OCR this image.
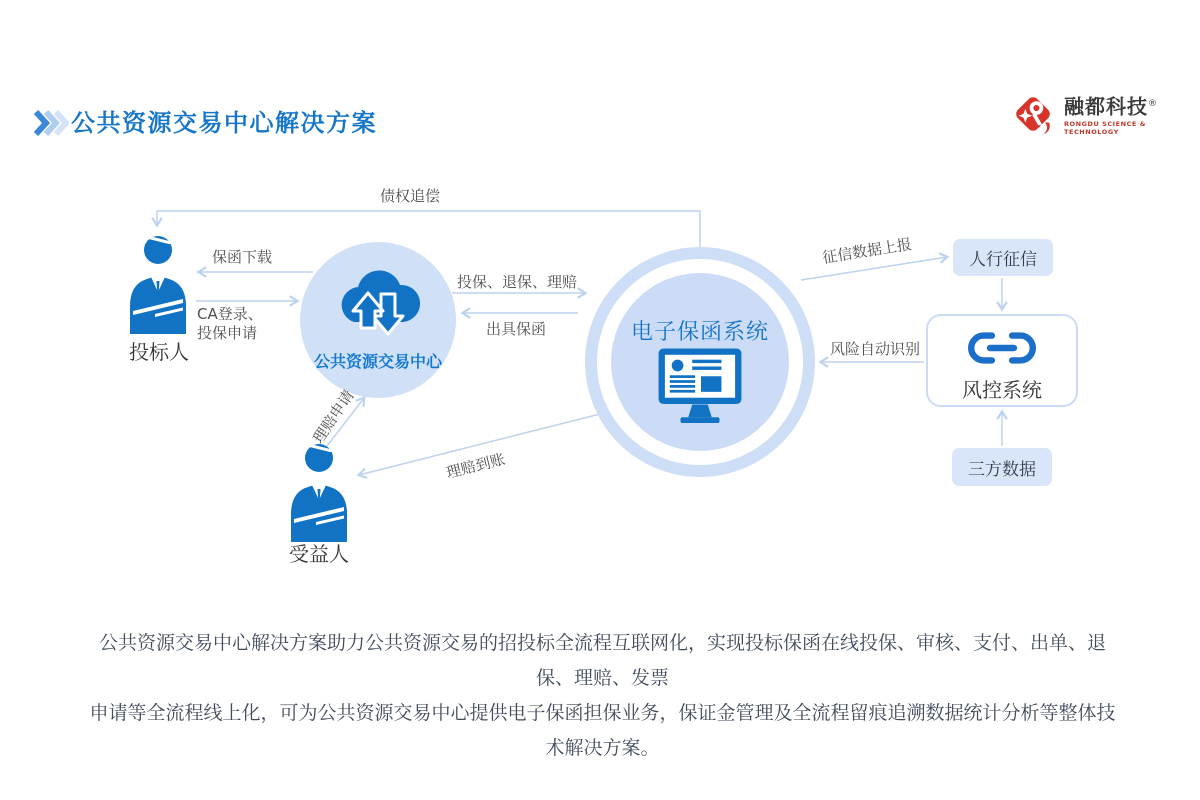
公共资源交易中心解决方案
融都科技®
RONGDU SCIENCE & TECHNOLOGY
投标人
受益人
公共资源交易中心
电子保函系统
人行征信
风控系统
三方数据
债权追偿
保函下载
CA登录、
投保申请
投保、退保、理赔
出具保函
征信数据上报
风险自动识别
理赔申请
理赔到账
公共资源交易中心解决方案助力公共资源交易的招投标全流程互联网化，实现投标保函在线投保、审核、支付、出单、退保、理赔、发票
申请等全流程线上化，可为公共资源交易中心提供电子保函担保业务，保证金管理及全流程留痕追溯数据统计分析等整体技术解决方案。
